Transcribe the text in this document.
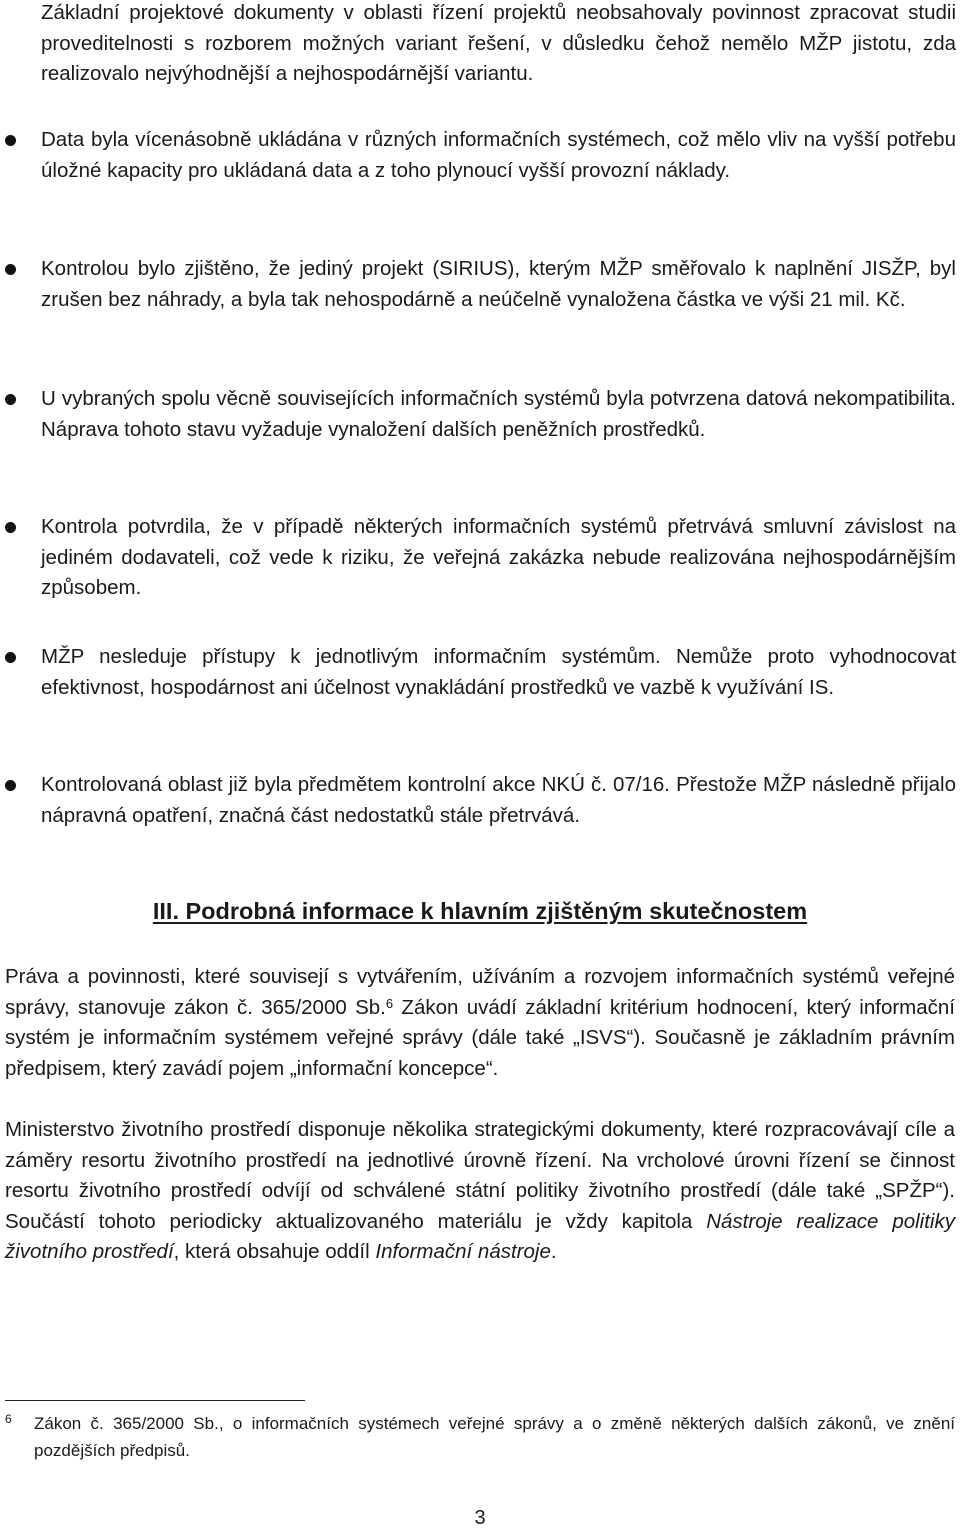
Základní projektové dokumenty v oblasti řízení projektů neobsahovaly povinnost zpracovat studii proveditelnosti s rozborem možných variant řešení, v důsledku čehož nemělo MŽP jistotu, zda realizovalo nejvýhodnější a nejhospodárnější variantu.
Data byla vícenásobně ukládána v různých informačních systémech, což mělo vliv na vyšší potřebu úložné kapacity pro ukládaná data a z toho plynoucí vyšší provozní náklady.
Kontrolou bylo zjištěno, že jediný projekt (SIRIUS), kterým MŽP směřovalo k naplnění JISŽP, byl zrušen bez náhrady, a byla tak nehospodárně a neúčelně vynaložena částka ve výši 21 mil. Kč.
U vybraných spolu věcně souvisejících informačních systémů byla potvrzena datová nekompatibilita. Náprava tohoto stavu vyžaduje vynaložení dalších peněžních prostředků.
Kontrola potvrdila, že v případě některých informačních systémů přetrvává smluvní závislost na jediném dodavateli, což vede k riziku, že veřejná zakázka nebude realizována nejhospodárnějším způsobem.
MŽP nesleduje přístupy k jednotlivým informačním systémům. Nemůže proto vyhodnocovat efektivnost, hospodárnost ani účelnost vynakládání prostředků ve vazbě k využívání IS.
Kontrolovaná oblast již byla předmětem kontrolní akce NKÚ č. 07/16. Přestože MŽP následně přijalo nápravná opatření, značná část nedostatků stále přetrvává.
III. Podrobná informace k hlavním zjištěným skutečnostem
Práva a povinnosti, které souvisejí s vytvářením, užíváním a rozvojem informačních systémů veřejné správy, stanovuje zákon č. 365/2000 Sb.$^6$ Zákon uvádí základní kritérium hodnocení, který informační systém je informačním systémem veřejné správy (dále také „ISVS“). Současně je základním právním předpisem, který zavádí pojem „informační koncepce“.
Ministerstvo životního prostředí disponuje několika strategickými dokumenty, které rozpracovávají cíle a záměry resortu životního prostředí na jednotlivé úrovně řízení. Na vrcholové úrovni řízení se činnost resortu životního prostředí odvíjí od schválené státní politiky životního prostředí (dále také „SPŽP“). Součástí tohoto periodicky aktualizovaného materiálu je vždy kapitola Nástroje realizace politiky životního prostředí, která obsahuje oddíl Informační nástroje.
6 Zákon č. 365/2000 Sb., o informačních systémech veřejné správy a o změně některých dalších zákonů, ve znění pozdějších předpisů.
3
